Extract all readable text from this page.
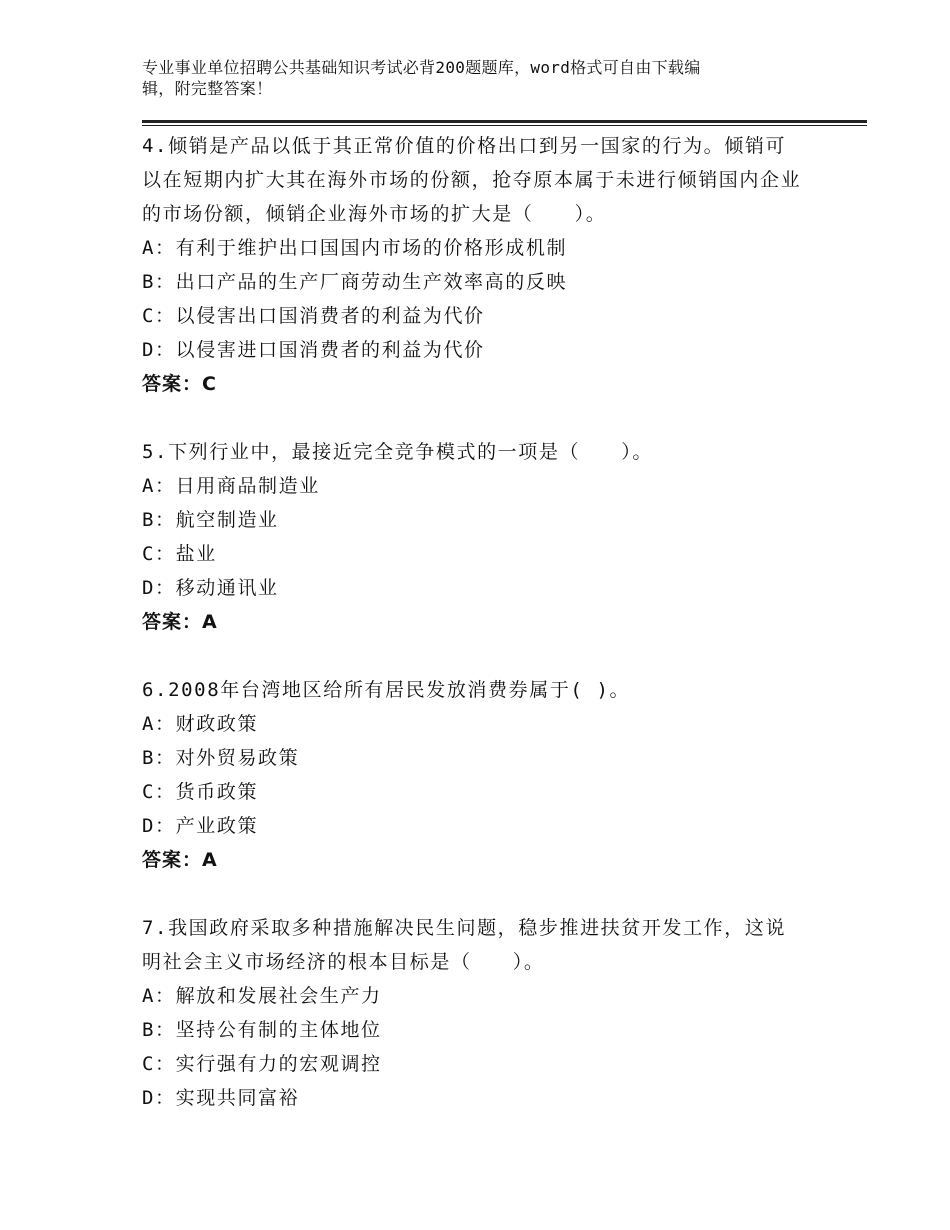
专业事业单位招聘公共基础知识考试必背200题题库，word格式可自由下载编
辑，附完整答案！
4.倾销是产品以低于其正常价值的价格出口到另一国家的行为。倾销可以在短期内扩大其在海外市场的份额，抢夺原本属于未进行倾销国内企业的市场份额，倾销企业海外市场的扩大是（　　）。
A：有利于维护出口国国内市场的价格形成机制
B：出口产品的生产厂商劳动生产效率高的反映
C：以侵害出口国消费者的利益为代价
D：以侵害进口国消费者的利益为代价
答案：C
5.下列行业中，最接近完全竞争模式的一项是（　　）。
A：日用商品制造业
B：航空制造业
C：盐业
D：移动通讯业
答案：A
6.2008年台湾地区给所有居民发放消费券属于( )。
A：财政政策
B：对外贸易政策
C：货币政策
D：产业政策
答案：A
7.我国政府采取多种措施解决民生问题，稳步推进扶贫开发工作，这说明社会主义市场经济的根本目标是（　　）。
A：解放和发展社会生产力
B：坚持公有制的主体地位
C：实行强有力的宏观调控
D：实现共同富裕
